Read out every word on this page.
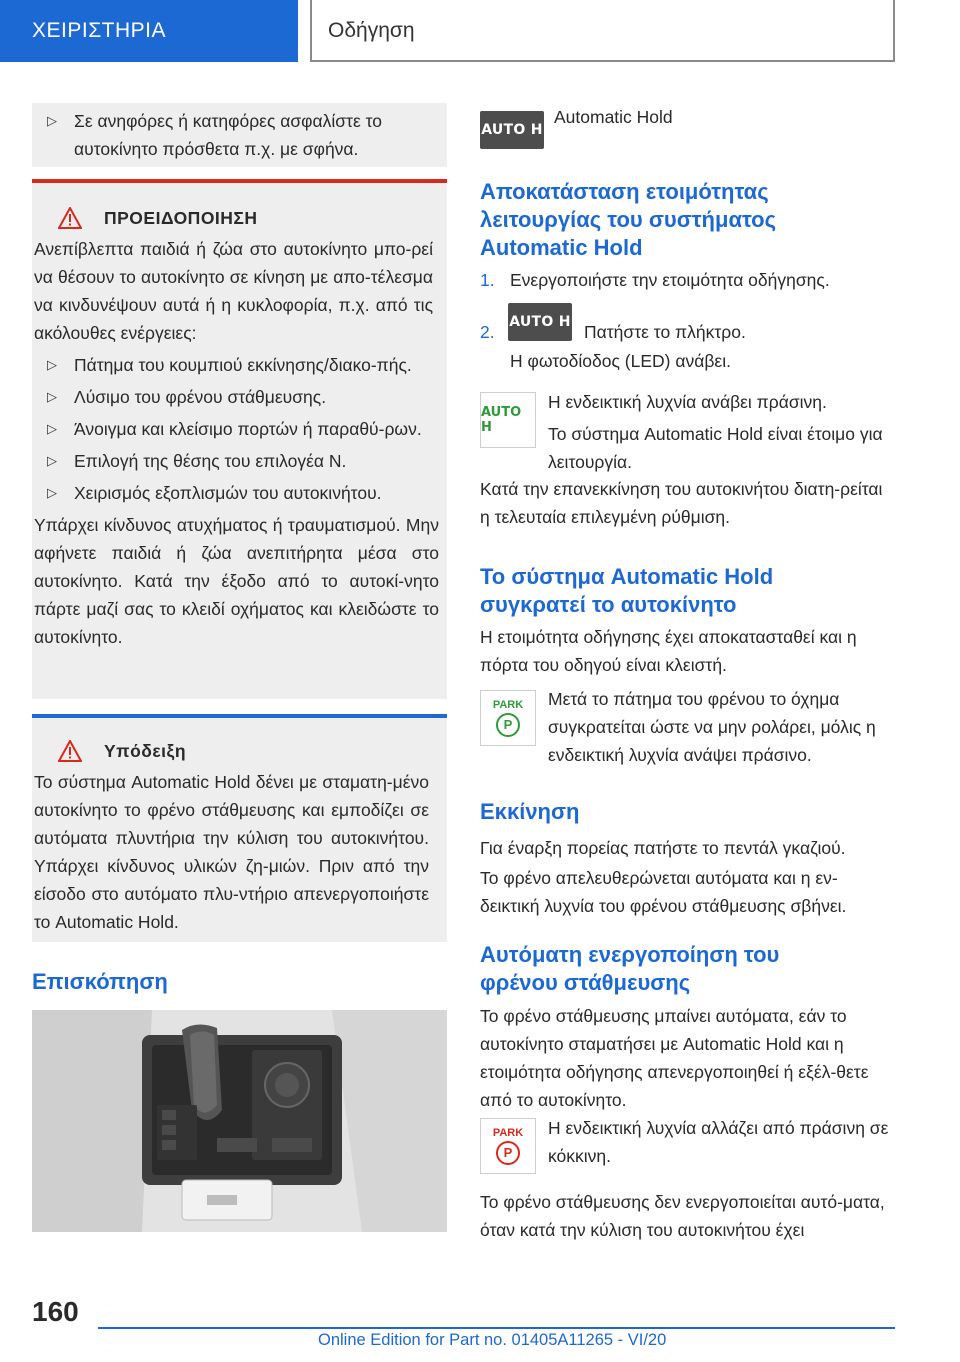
ΧΕΙΡΙΣΤΗΡΙΑ	Οδήγηση
▷ Σε ανηφόρες ή κατηφόρες ασφαλίστε το αυτοκίνητο πρόσθετα π.χ. με σφήνα.
ΠΡΟΕΙΔΟΠΟΙΗΣΗ

Ανεπίβλεπτα παιδιά ή ζώα στο αυτοκίνητο μπο-ρεί να θέσουν το αυτοκίνητο σε κίνηση με απο-τέλεσμα να κινδυνέψουν αυτά ή η κυκλοφορία, π.χ. από τις ακόλουθες ενέργειες:

▷ Πάτημα του κουμπιού εκκίνησης/διακο-πής.
▷ Λύσιμο του φρένου στάθμευσης.
▷ Άνοιγμα και κλείσιμο πορτών ή παραθύ-ρων.
▷ Επιλογή της θέσης του επιλογέα N.
▷ Χειρισμός εξοπλισμών του αυτοκινήτου.

Υπάρχει κίνδυνος ατυχήματος ή τραυματισμού. Μην αφήνετε παιδιά ή ζώα ανεπιτήρητα μέσα στο αυτοκίνητο. Κατά την έξοδο από το αυτοκί-νητο πάρτε μαζί σας το κλειδί οχήματος και κλειδώστε το αυτοκίνητο.

Υπόδειξη

Το σύστημα Automatic Hold δένει με σταματη-μένο αυτοκίνητο το φρένο στάθμευσης και εμποδίζει σε αυτόματα πλυντήρια την κύλιση του αυτοκινήτου. Υπάρχει κίνδυνος υλικών ζη-μιών. Πριν από την είσοδο στο αυτόματο πλυ-ντήριο απενεργοποιήστε το Automatic Hold.

Επισκόπηση
AUTO H
Automatic Hold
Αποκατάσταση ετοιμότητας λειτουργίας του συστήματος Automatic Hold
1. Ενεργοποιήστε την ετοιμότητα οδήγησης.
2. AUTO H Πατήστε το πλήκτρο.
Η φωτοδίοδος (LED) ανάβει.
AUTO H
Η ενδεικτική λυχνία ανάβει πράσινη.
Το σύστημα Automatic Hold είναι έτοιμο για λειτουργία.
Κατά την επανεκκίνηση του αυτοκινήτου διατη-ρείται η τελευταία επιλεγμένη ρύθμιση.
Το σύστημα Automatic Hold συγκρατεί το αυτοκίνητο
Η ετοιμότητα οδήγησης έχει αποκατασταθεί και η πόρτα του οδηγού είναι κλειστή.
PARK
P
Μετά το πάτημα του φρένου το όχημα συγκρατείται ώστε να μην ρολάρει, μόλις η ενδεικτική λυχνία ανάψει πράσινο.
Εκκίνηση
Για έναρξη πορείας πατήστε το πεντάλ γκαζιού.
Το φρένο απελευθερώνεται αυτόματα και η εν-δεικτική λυχνία του φρένου στάθμευσης σβήνει.
Αυτόματη ενεργοποίηση του φρένου στάθμευσης
Το φρένο στάθμευσης μπαίνει αυτόματα, εάν το αυτοκίνητο σταματήσει με Automatic Hold και η ετοιμότητα οδήγησης απενεργοποιηθεί ή εξέλ-θετε από το αυτοκίνητο.
PARK
P
Η ενδεικτική λυχνία αλλάζει από πράσινη σε κόκκινη.
Το φρένο στάθμευσης δεν ενεργοποιείται αυτό-ματα, όταν κατά την κύλιση του αυτοκινήτου έχει
160
Online Edition for Part no. 01405A11265 - VI/20
